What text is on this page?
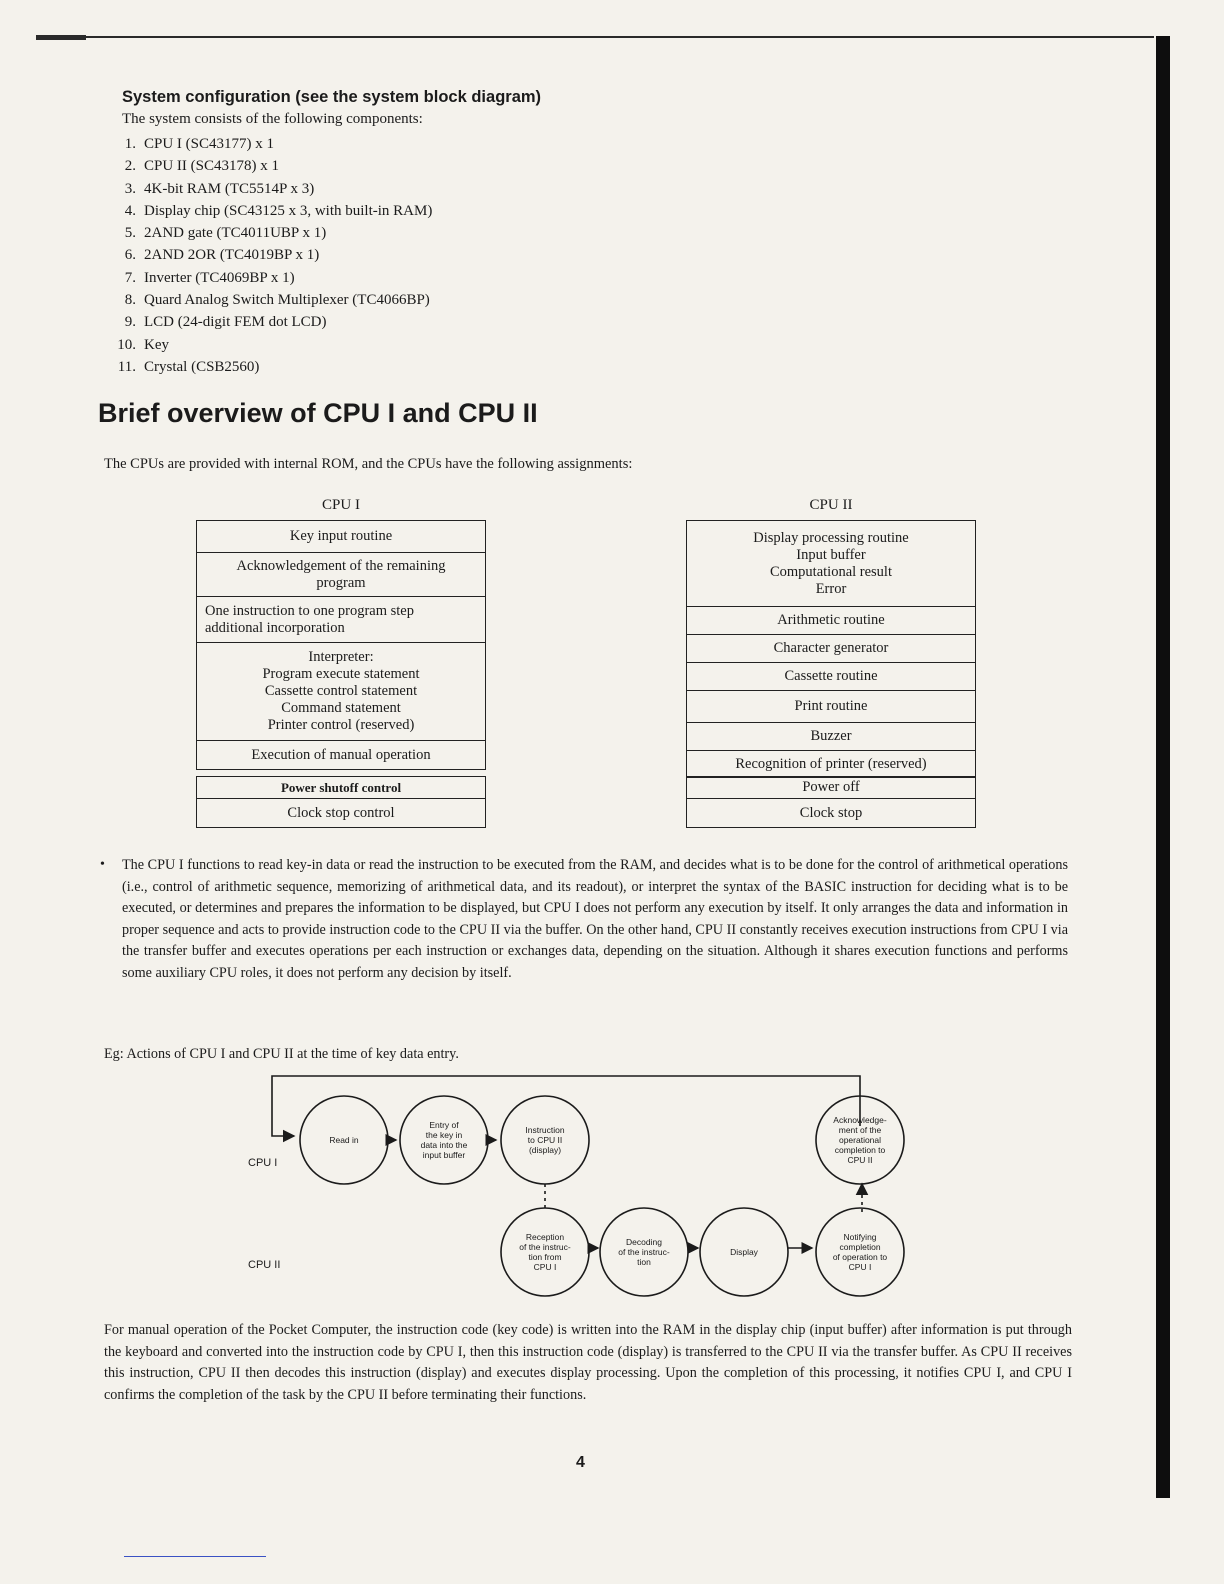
System configuration (see the system block diagram)
The system consists of the following components:
1. CPU I (SC43177) x 1
2. CPU II (SC43178) x 1
3. 4K-bit RAM (TC5514P x 3)
4. Display chip (SC43125 x 3, with built-in RAM)
5. 2AND gate (TC4011UBP x 1)
6. 2AND 2OR (TC4019BP x 1)
7. Inverter (TC4069BP x 1)
8. Quard Analog Switch Multiplexer (TC4066BP)
9. LCD (24-digit FEM dot LCD)
10. Key
11. Crystal (CSB2560)
Brief overview of CPU I and CPU II
The CPUs are provided with internal ROM, and the CPUs have the following assignments:
CPU I	CPU II
Key input routine
Acknowledgement of the remaining
program
One instruction to one program step
additional incorporation
Interpreter:
Program execute statement
Cassette control statement
Command statement
Printer control (reserved)
Execution of manual operation
Power shutoff control
Clock stop control
Display processing routine
Input buffer
Computational result
Error
Arithmetic routine
Character generator
Cassette routine
Print routine
Buzzer
Recognition of printer (reserved)
Power off
Clock stop
• The CPU I functions to read key-in data or read the instruction to be executed from the RAM, and decides what is to be done for the control of arithmetical operations (i.e., control of arithmetic sequence, memorizing of arithmetical data, and its readout), or interpret the syntax of the BASIC instruction for deciding what is to be executed, or determines and prepares the information to be displayed, but CPU I does not perform any execution by itself. It only arranges the data and information in proper sequence and acts to provide instruction code to the CPU II via the buffer. On the other hand, CPU II constantly receives execution instructions from CPU I via the transfer buffer and executes operations per each instruction or exchanges data, depending on the situation. Although it shares execution functions and performs some auxiliary CPU roles, it does not perform any decision by itself.
Eg: Actions of CPU I and CPU II at the time of key data entry.
CPU I
CPU II
Read in
Entry of
the key in
data into the
input buffer
Instruction
to CPU II
(display)
Acknowledge-
ment of the
operational
completion to
CPU II
Reception
of the instruc-
tion from
CPU I
Decoding
of the instruc-
tion
Display
Notifying
completion
of operation to
CPU I
For manual operation of the Pocket Computer, the instruction code (key code) is written into the RAM in the display chip (input buffer) after information is put through the keyboard and converted into the instruction code by CPU I, then this instruction code (display) is transferred to the CPU II via the transfer buffer. As CPU II receives this instruction, CPU II then decodes this instruction (display) and executes display processing. Upon the completion of this processing, it notifies CPU I, and CPU I confirms the completion of the task by the CPU II before terminating their functions.
4
